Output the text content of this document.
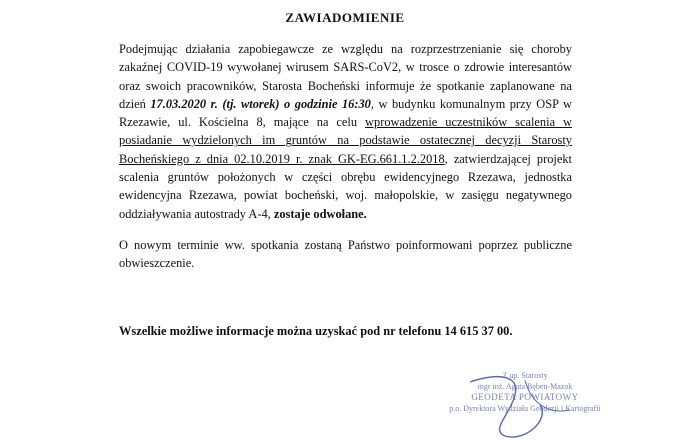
ZAWIADOMIENIE
Podejmując działania zapobiegawcze ze względu na rozprzestrzenianie się choroby zakaźnej COVID-19 wywołanej wirusem SARS-CoV2, w trosce o zdrowie interesantów oraz swoich pracowników, Starosta Bocheński informuje że spotkanie zaplanowane na dzień 17.03.2020 r. (tj. wtorek) o godzinie 16:30, w budynku komunalnym przy OSP w Rzezawie, ul. Kościelna 8, mające na celu wprowadzenie uczestników scalenia w posiadanie wydzielonych im gruntów na podstawie ostatecznej decyzji Starosty Bocheńskiego z dnia 02.10.2019 r. znak GK-EG.661.1.2.2018, zatwierdzającej projekt scalenia gruntów położonych w części obrębu ewidencyjnego Rzezawa, jednostka ewidencyjna Rzezawa, powiat bocheński, woj. małopolskie, w zasięgu negatywnego oddziaływania autostrady A-4, zostaje odwołane.
O nowym terminie ww. spotkania zostaną Państwo poinformowani poprzez publiczne obwieszczenie.
Wszelkie możliwe informacje można uzyskać pod nr telefonu 14 615 37 00.
Z up. Starosty
mgr inż. Agata Bęben-Mazok
GEODETA POWIATOWY
p.o. Dyrektora Wydziału Geodezji i Kartografii
